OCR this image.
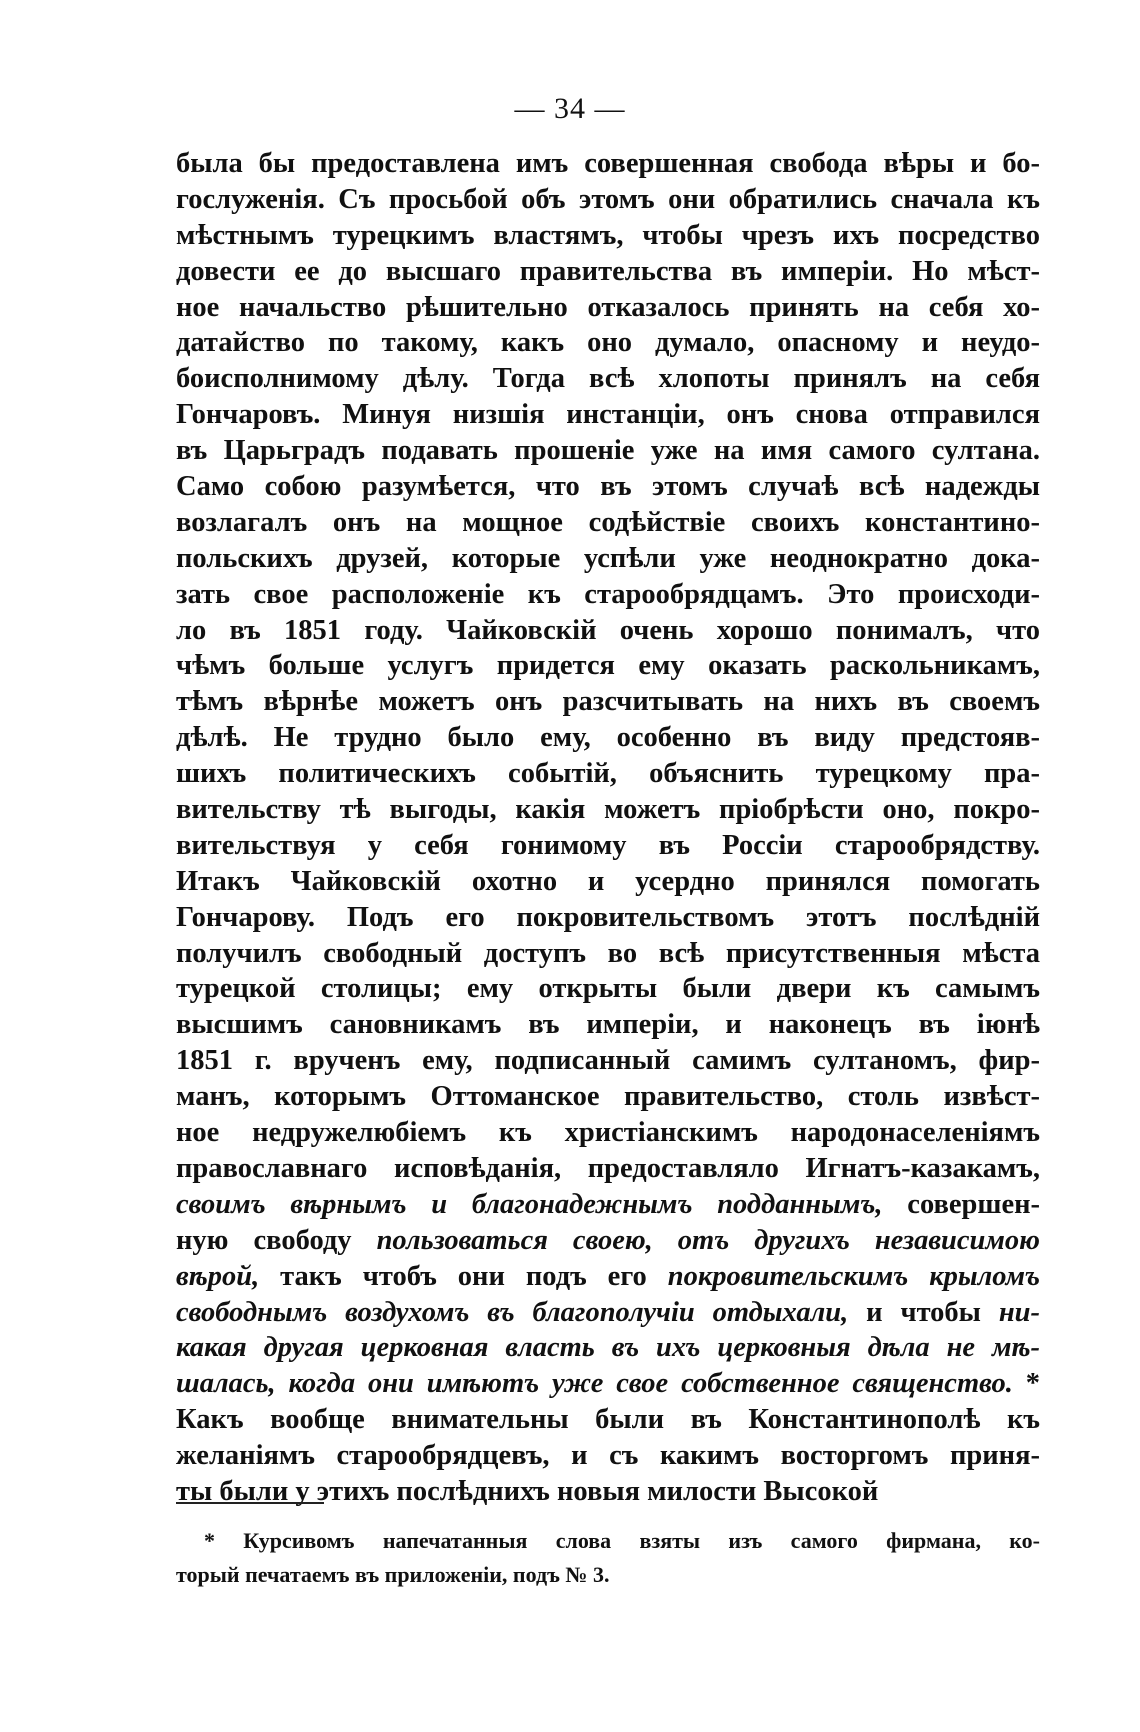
— 34 —
была бы предоставлена имъ совершенная свобода вѣры и бо-
гослуженія. Съ просьбой объ этомъ они обратились сначала къ
мѣстнымъ турецкимъ властямъ, чтобы чрезъ ихъ посредство
довести ее до высшаго правительства въ имперіи. Но мѣст-
ное начальство рѣшительно отказалось принять на себя хо-
датайство по такому, какъ оно думало, опасному и неудо-
боисполнимому дѣлу. Тогда всѣ хлопоты принялъ на себя
Гончаровъ. Минуя низшія инстанціи, онъ снова отправился
въ Царьградъ подавать прошеніе уже на имя самого султана.
Само собою разумѣется, что въ этомъ случаѣ всѣ надежды
возлагалъ онъ на мощное содѣйствіе своихъ константино-
польскихъ друзей, которые успѣли уже неоднократно дока-
зать свое расположеніе къ старообрядцамъ. Это происходи-
ло въ 1851 году. Чайковскій очень хорошо понималъ, что
чѣмъ больше услугъ придется ему оказать раскольникамъ,
тѣмъ вѣрнѣе можетъ онъ разсчитывать на нихъ въ своемъ
дѣлѣ. Не трудно было ему, особенно въ виду предстояв-
шихъ политическихъ событій, объяснить турецкому пра-
вительству тѣ выгоды, какія можетъ пріобрѣсти оно, покро-
вительствуя у себя гонимому въ Россіи старообрядству.
Итакъ Чайковскій охотно и усердно принялся помогать
Гончарову. Подъ его покровительствомъ этотъ послѣдній
получилъ свободный доступъ во всѣ присутственныя мѣста
турецкой столицы; ему открыты были двери къ самымъ
высшимъ сановникамъ въ имперіи, и наконецъ въ іюнѣ
1851 г. врученъ ему, подписанный самимъ султаномъ, фир-
манъ, которымъ Оттоманское правительство, столь извѣст-
ное недружелюбіемъ къ христіанскимъ народонаселеніямъ
православнаго исповѣданія, предоставляло Игнатъ-казакамъ,
своимъ вѣрнымъ и благонадежнымъ подданнымъ, совершен-
ную свободу пользоваться своею, отъ другихъ независимою
вѣрой, такъ чтобъ они подъ его покровительскимъ крыломъ
свободнымъ воздухомъ въ благополучіи отдыхали, и чтобы ни-
какая другая церковная власть въ ихъ церковныя дѣла не мѣ-
шалась, когда они имѣютъ уже свое собственное священство. *
Какъ вообще внимательны были въ Константинополѣ къ
желаніямъ старообрядцевъ, и съ какимъ восторгомъ приня-
ты были у этихъ послѣднихъ новыя милости Высокой
* Курсивомъ напечатанныя слова взяты изъ самого фирмана, ко-
торый печатаемъ въ приложеніи, подъ № 3.
